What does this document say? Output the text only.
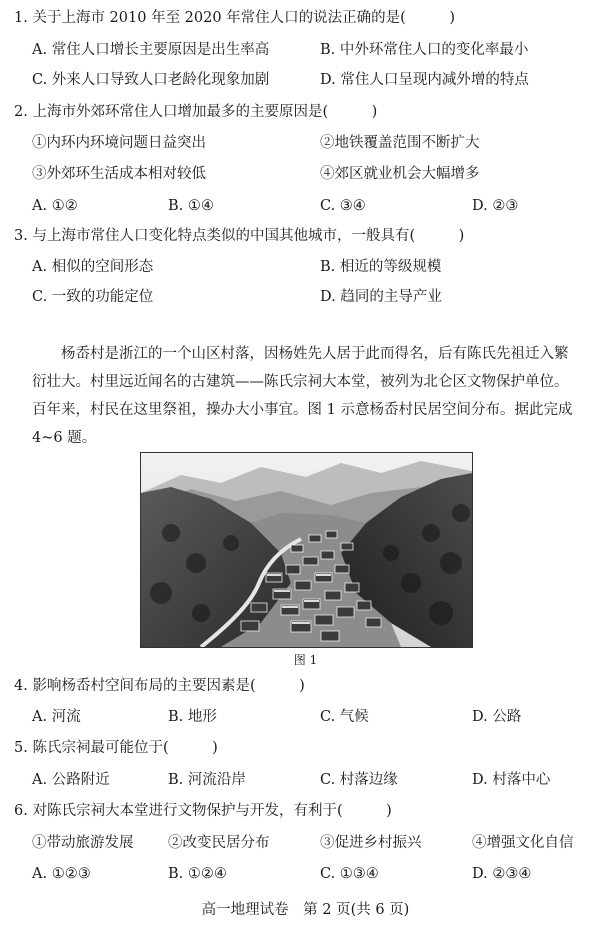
1. 关于上海市 2010 年至 2020 年常住人口的说法正确的是(　　　)
A. 常住人口增长主要原因是出生率高	B. 中外环常住人口的变化率最小
C. 外来人口导致人口老龄化现象加剧	D. 常住人口呈现内减外增的特点
2. 上海市外郊环常住人口增加最多的主要原因是(　　　)
①内环内环境问题日益突出	②地铁覆盖范围不断扩大
③外郊环生活成本相对较低	④郊区就业机会大幅增多
A. ①②	B. ①④	C. ③④	D. ②③
3. 与上海市常住人口变化特点类似的中国其他城市，一般具有(　　　)
A. 相似的空间形态	B. 相近的等级规模
C. 一致的功能定位	D. 趋同的主导产业
杨岙村是浙江的一个山区村落，因杨姓先人居于此而得名，后有陈氏先祖迁入繁衍壮大。村里远近闻名的古建筑——陈氏宗祠大本堂，被列为北仑区文物保护单位。百年来，村民在这里祭祖，操办大小事宜。图 1 示意杨岙村民居空间分布。据此完成 4~6 题。
图 1
4. 影响杨岙村空间布局的主要因素是(　　　)
A. 河流	B. 地形	C. 气候	D. 公路
5. 陈氏宗祠最可能位于(　　　)
A. 公路附近	B. 河流沿岸	C. 村落边缘	D. 村落中心
6. 对陈氏宗祠大本堂进行文物保护与开发，有利于(　　　)
①带动旅游发展 ②改变民居分布	③促进乡村振兴	④增强文化自信
A. ①②③	B. ①②④	C. ①③④	D. ②③④
高一地理试卷　第 2 页(共 6 页)
